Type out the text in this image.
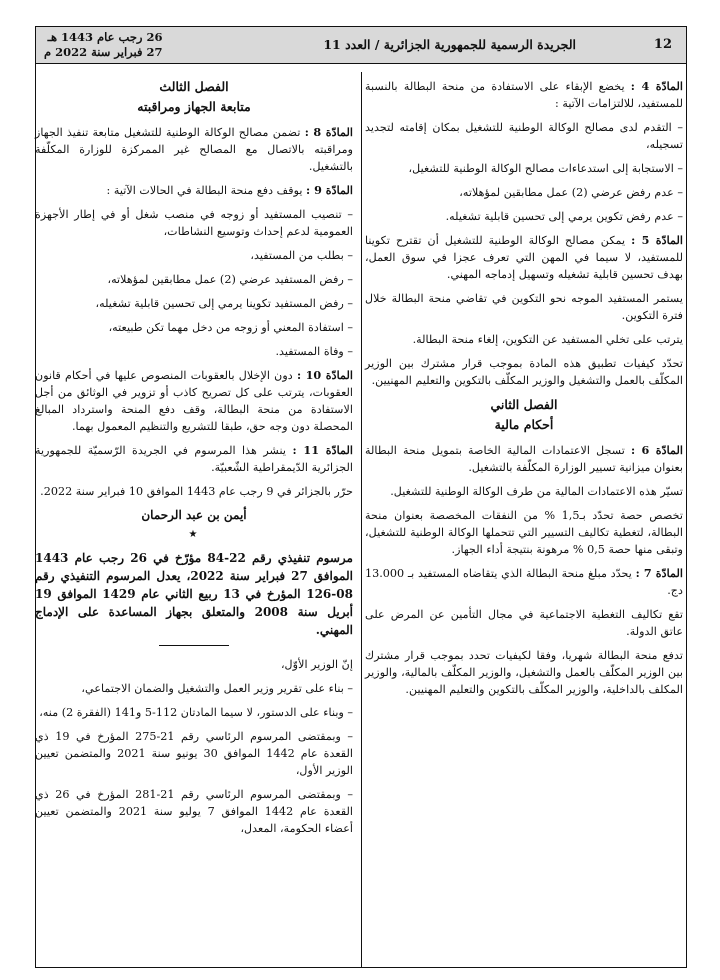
12
الجريدة الرسمية للجمهورية الجزائرية / العدد 11
26 رجب عام 1443 هـ
27 فبراير سنة 2022 م

المادّة 4 : يخضع الإبقاء على الاستفادة من منحة البطالة بالنسبة للمستفيد، للالتزامات الآتية :

– التقدم لدى مصالح الوكالة الوطنية للتشغيل بمكان إقامته لتجديد تسجيله،

– الاستجابة إلى استدعاءات مصالح الوكالة الوطنية للتشغيل،

– عدم رفض عرضي (2) عمل مطابقين لمؤهلاته،

– عدم رفض تكوين يرمي إلى تحسين قابلية تشغيله.

المادّة 5 : يمكن مصالح الوكالة الوطنية للتشغيل أن تقترح تكوينا للمستفيد، لا سيما في المهن التي تعرف عجزا في سوق العمل، بهدف تحسين قابلية تشغيله وتسهيل إدماجه المهني.

يستمر المستفيد الموجه نحو التكوين في تقاضي منحة البطالة خلال فترة التكوين.

يترتب على تخلي المستفيد عن التكوين، إلغاء منحة البطالة.

تحدّد كيفيات تطبيق هذه المادة بموجب قرار مشترك بين الوزير المكلّف بالعمل والتشغيل والوزير المكلّف بالتكوين والتعليم المهنيين.

الفصل الثاني
أحكام مالية

المادّة 6 : تسجل الاعتمادات المالية الخاصة بتمويل منحة البطالة بعنوان ميزانية تسيير الوزارة المكلّفة بالتشغيل.

تسيّر هذه الاعتمادات المالية من طرف الوكالة الوطنية للتشغيل.

تخصص حصة تحدّد بـ1,5 % من النفقات المخصصة بعنوان منحة البطالة، لتغطية تكاليف التسيير التي تتحملها الوكالة الوطنية للتشغيل، وتبقى منها حصة 0,5 % مرهونة بنتيجة أداء الجهاز.

المادّة 7 : يحدّد مبلغ منحة البطالة الذي يتقاضاه المستفيد بـ 13.000 دج.

تقع تكاليف التغطية الاجتماعية في مجال التأمين عن المرض على عاتق الدولة.

تدفع منحة البطالة شهريا، وفقا لكيفيات تحدد بموجب قرار مشترك بين الوزير المكلّف بالعمل والتشغيل، والوزير المكلّف بالمالية، والوزير المكلف بالداخلية، والوزير المكلّف بالتكوين والتعليم المهنيين.

الفصل الثالث
متابعة الجهاز ومراقبته

المادّة 8 : تضمن مصالح الوكالة الوطنية للتشغيل متابعة تنفيذ الجهاز ومراقبته بالاتصال مع المصالح غير الممركزة للوزارة المكلّفة بالتشغيل.

المادّة 9 : يوقف دفع منحة البطالة في الحالات الآتية :

– تنصيب المستفيد أو زوجه في منصب شغل أو في إطار الأجهزة العمومية لدعم إحداث وتوسيع النشاطات،

– بطلب من المستفيد،

– رفض المستفيد عرضي (2) عمل مطابقين لمؤهلاته،

– رفض المستفيد تكوينا يرمي إلى تحسين قابلية تشغيله،

– استفادة المعني أو زوجه من دخل مهما تكن طبيعته،

– وفاة المستفيد.

المادّة 10 : دون الإخلال بالعقوبات المنصوص عليها في أحكام قانون العقوبات، يترتب على كل تصريح كاذب أو تزوير في الوثائق من أجل الاستفادة من منحة البطالة، وقف دفع المنحة واسترداد المبالغ المحصلة دون وجه حق، طبقا للتشريع والتنظيم المعمول بهما.

المادّة 11 : ينشر هذا المرسوم في الجريدة الرّسميّة للجمهورية الجزائرية الدّيمقراطية الشّعبيّة.

حرّر بالجزائر في 9 رجب عام 1443 الموافق 10 فبراير سنة 2022.

أيمن بن عبد الرحمان
★

مرسوم تنفيذي رقم 22-84 مؤرّخ في 26 رجب عام 1443 الموافق 27 فبراير سنة 2022، يعدل المرسوم التنفيذي رقم 08-126 المؤرخ في 13 ربيع الثاني عام 1429 الموافق 19 أبريل سنة 2008 والمتعلق بجهاز المساعدة على الإدماج المهني.

إنّ الوزير الأوّل،

– بناء على تقرير وزير العمل والتشغيل والضمان الاجتماعي،

– وبناء على الدستور، لا سيما المادتان 112-5 و141 (الفقرة 2) منه،

– وبمقتضى المرسوم الرئاسي رقم 21-275 المؤرخ في 19 ذي القعدة عام 1442 الموافق 30 يونيو سنة 2021 والمتضمن تعيين الوزير الأول،

– وبمقتضى المرسوم الرئاسي رقم 21-281 المؤرخ في 26 ذي القعدة عام 1442 الموافق 7 يوليو سنة 2021 والمتضمن تعيين أعضاء الحكومة، المعدل،
